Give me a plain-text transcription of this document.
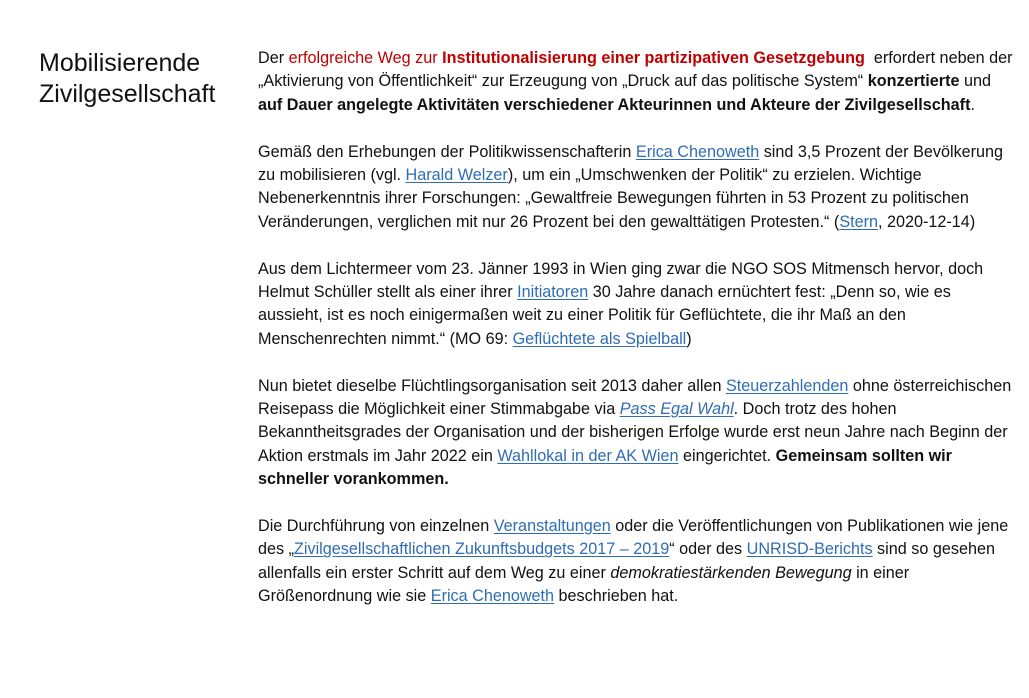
Mobilisierende
Zivilgesellschaft

Der erfolgreiche Weg zur Institutionalisierung einer partizipativen Gesetzgebung  erfordert neben der „Aktivierung von Öffentlichkeit“ zur Erzeugung von „Druck auf das politische System“ konzertierte und auf Dauer angelegte Aktivitäten verschiedener Akteurinnen und Akteure der Zivilgesellschaft.

Gemäß den Erhebungen der Politikwissenschafterin Erica Chenoweth sind 3,5 Prozent der Bevölkerung zu mobilisieren (vgl. Harald Welzer), um ein „Umschwenken der Politik“ zu erzielen. Wichtige Nebenerkenntnis ihrer Forschungen: „Gewaltfreie Bewegungen führten in 53 Prozent zu politischen Veränderungen, verglichen mit nur 26 Prozent bei den gewalttätigen Protesten.“ (Stern, 2020-12-14)

Aus dem Lichtermeer vom 23. Jänner 1993 in Wien ging zwar die NGO SOS Mitmensch hervor, doch Helmut Schüller stellt als einer ihrer Initiatoren 30 Jahre danach ernüchtert fest: „Denn so, wie es aussieht, ist es noch einigermaßen weit zu einer Politik für Geflüchtete, die ihr Maß an den Menschenrechten nimmt.“ (MO 69: Geflüchtete als Spielball)

Nun bietet dieselbe Flüchtlingsorganisation seit 2013 daher allen Steuerzahlenden ohne österreichischen Reisepass die Möglichkeit einer Stimmabgabe via Pass Egal Wahl. Doch trotz des hohen Bekanntheitsgrades der Organisation und der bisherigen Erfolge wurde erst neun Jahre nach Beginn der Aktion erstmals im Jahr 2022 ein Wahllokal in der AK Wien eingerichtet. Gemeinsam sollten wir schneller vorankommen.

Die Durchführung von einzelnen Veranstaltungen oder die Veröffentlichungen von Publikationen wie jene des „Zivilgesellschaftlichen Zukunftsbudgets 2017 – 2019“ oder des UNRISD-Berichts sind so gesehen allenfalls ein erster Schritt auf dem Weg zu einer demokratiestärkenden Bewegung in einer Größenordnung wie sie Erica Chenoweth beschrieben hat.
